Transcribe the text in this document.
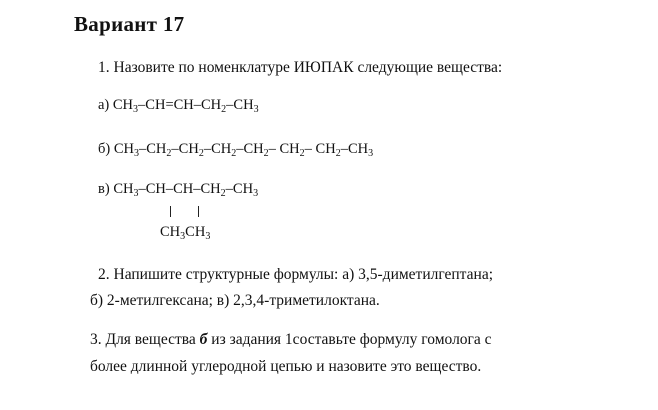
Вариант 17
1. Назовите по номенклатуре ИЮПАК следующие вещества:
а) $CH_3-CH=CH-CH_2-CH_3$
б) $CH_3-CH_2-CH_2-CH_2-CH_2-$ $CH_2-$ $CH_2-CH_3$
в) $CH_3-CH-CH-CH_2-CH_3$
$CH_3CH_3$
2. Напишите структурные формулы: а) 3,5-диметилгептана;
б) 2-метилгексана; в) 2,3,4-триметилоктана.
3. Для вещества б из задания 1составьте формулу гомолога с
более длинной углеродной цепью и назовите это вещество.
